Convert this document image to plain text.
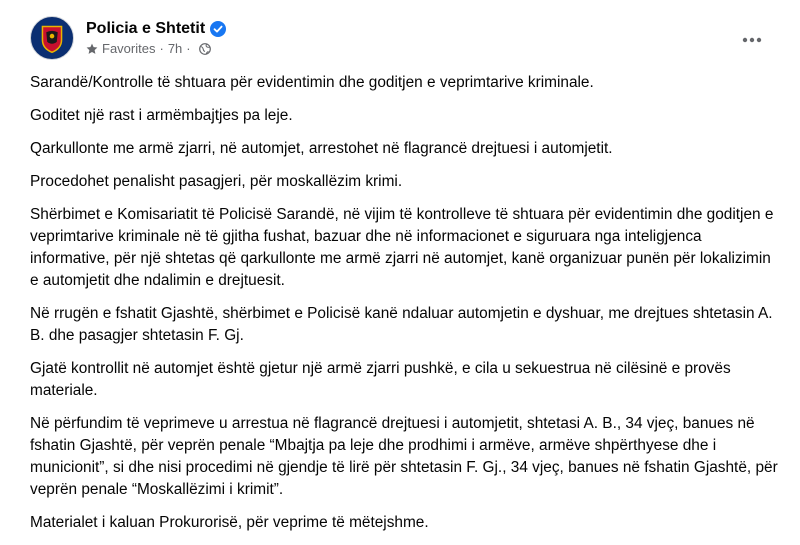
Policia e Shtetit
Favorites · 7h ·

Sarandë/Kontrolle të shtuara për evidentimin dhe goditjen e veprimtarive kriminale.

Goditet një rast i armëmbajtjes pa leje.

Qarkullonte me armë zjarri, në automjet, arrestohet në flagrancë drejtuesi i automjetit.

Procedohet penalisht pasagjeri, për moskallëzim krimi.

Shërbimet e Komisariatit të Policisë Sarandë, në vijim të kontrolleve të shtuara për evidentimin dhe goditjen e veprimtarive kriminale në të gjitha fushat, bazuar dhe në informacionet e siguruara nga inteligjenca informative, për një shtetas që qarkullonte me armë zjarri në automjet, kanë organizuar punën për lokalizimin e automjetit dhe ndalimin e drejtuesit.

Në rrugën e fshatit Gjashtë, shërbimet e Policisë kanë ndaluar automjetin e dyshuar, me drejtues shtetasin A. B. dhe pasagjer shtetasin F. Gj.

Gjatë kontrollit në automjet është gjetur një armë zjarri pushkë, e cila u sekuestrua në cilësinë e provës materiale.

Në përfundim të veprimeve u arrestua në flagrancë drejtuesi i automjetit, shtetasi A. B., 34 vjeç, banues në fshatin Gjashtë, për veprën penale “Mbajtja pa leje dhe prodhimi i armëve, armëve shpërthyese dhe i municionit”, si dhe nisi procedimi në gjendje të lirë për shtetasin F. Gj., 34 vjeç, banues në fshatin Gjashtë, për veprën penale “Moskallëzimi i krimit”.

Materialet i kaluan Prokurorisë, për veprime të mëtejshme.
